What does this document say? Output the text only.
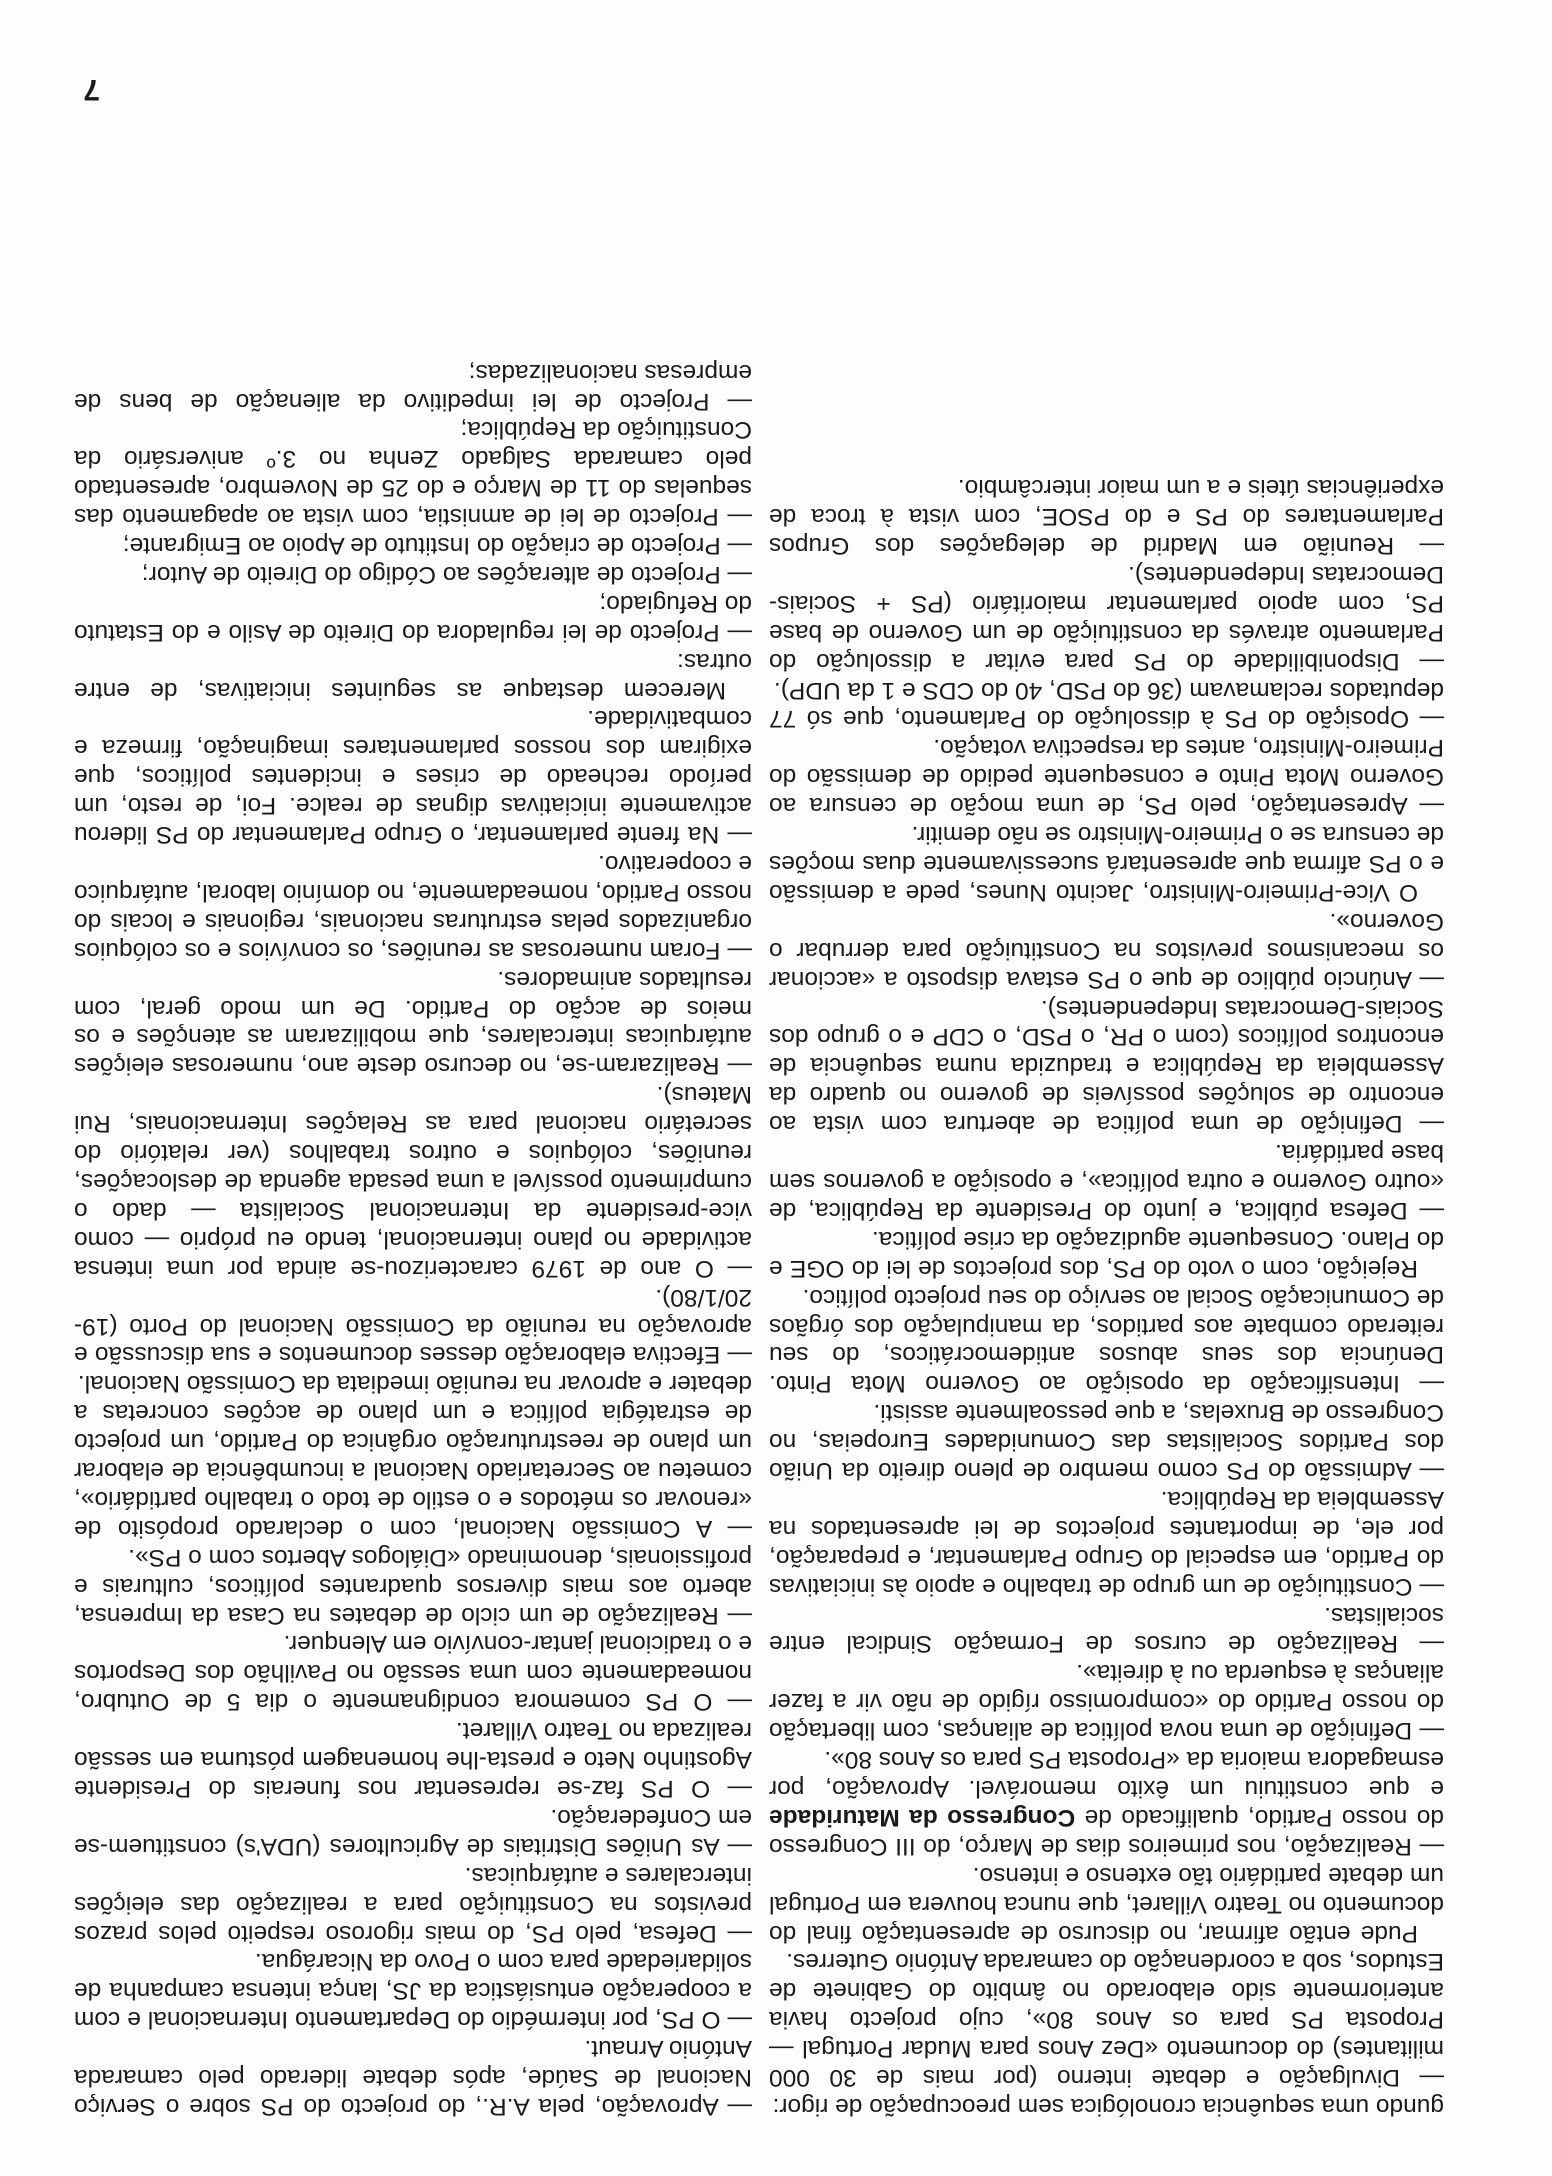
gundo uma sequência cronológica sem preocupação de rigor:

— Divulgação e debate interno (por mais de 30 000 militantes) do documento «Dez Anos para Mudar Portugal — Proposta PS para os Anos 80», cujo projecto havia anteriormente sido elaborado no âmbito do Gabinete de Estudos, sob a coordenação do camarada António Guterres.

Pude então afirmar, no discurso de apresentação final do documento no Teatro Villaret, que nunca houvera em Portugal um debate partidário tão extenso e intenso.

— Realização, nos primeiros dias de Março, do III Congresso do nosso Partido, qualificado de Congresso da Maturidade e que constituiu um êxito memorável. Aprovação, por esmagadora maioria da «Proposta PS para os Anos 80».

— Definição de uma nova política de alianças, com libertação do nosso Partido do «compromisso rígido de não vir a fazer alianças à esquerda ou à direita».

— Realização de cursos de Formação Sindical entre socialistas.

— Constituição de um grupo de trabalho e apoio às iniciativas do Partido, em especial do Grupo Parlamentar, e preparação, por ele, de importantes projectos de lei apresentados na Assembleia da República.

— Admissão do PS como membro de pleno direito da União dos Partidos Socialistas das Comunidades Europeias, no Congresso de Bruxelas, a que pessoalmente assisti.

— Intensificação da oposição ao Governo Mota Pinto. Denúncia dos seus abusos antidemocráticos, do seu reiterado combate aos partidos, da manipulação dos órgãos de Comunicação Social ao serviço do seu projecto político.

Rejeição, com o voto do PS, dos projectos de lei do OGE e do Plano. Consequente agudização da crise política.

— Defesa pública, e junto do Presidente da República, de «outro Governo e outra política», e oposição a governos sem base partidária.

— Definição de uma política de abertura com vista ao encontro de soluções possíveis de governo no quadro da Assembleia da República e traduzida numa sequência de encontros políticos (com o PR, o PSD, o CDP e o grupo dos Sociais-Democratas Independentes).

— Anúncio público de que o PS estava disposto a «accionar os mecanismos previstos na Constituição para derrubar o Governo».

O Vice-Primeiro-Ministro, Jacinto Nunes, pede a demissão e o PS afirma que apresentará sucessivamente duas moções de censura se o Primeiro-Ministro se não demitir.

— Apresentação, pelo PS, de uma moção de censura ao Governo Mota Pinto e consequente pedido de demissão do Primeiro-Ministro, antes da respectiva votação.

— Oposição do PS à dissolução do Parlamento, que só 77 deputados reclamavam (36 do PSD, 40 do CDS e 1 da UDP).

— Disponibilidade do PS para evitar a dissolução do Parlamento através da constituição de um Governo de base PS, com apoio parlamentar maioritário (PS + Sociais-Democratas Independentes).

— Reunião em Madrid de delegações dos Grupos Parlamentares do PS e do PSOE, com vista à troca de experiências úteis e a um maior intercâmbio.

— Aprovação, pela A.R., do projecto do PS sobre o Serviço Nacional de Saúde, após debate liderado pelo camarada António Arnaut.

— O PS, por intermédio do Departamento Internacional e com a cooperação entusiástica da JS, lança intensa campanha de solidariedade para com o Povo da Nicarágua.

— Defesa, pelo PS, do mais rigoroso respeito pelos prazos previstos na Constituição para a realização das eleições intercalares e autárquicas.

— As Uniões Distritais de Agricultores (UDA's) constituem-se em Confederação.

— O PS faz-se representar nos funerais do Presidente Agostinho Neto e presta-lhe homenagem póstuma em sessão realizada no Teatro Villaret.

— O PS comemora condignamente o dia 5 de Outubro, nomeadamente com uma sessão no Pavilhão dos Desportos e o tradicional jantar-convívio em Alenquer.

— Realização de um ciclo de debates na Casa da Imprensa, aberto aos mais diversos quadrantes políticos, culturais e profissionais, denominado «Diálogos Abertos com o PS».

— A Comissão Nacional, com o declarado propósito de «renovar os métodos e o estilo de todo o trabalho partidário», cometeu ao Secretariado Nacional a incumbência de elaborar um plano de reestruturação orgânica do Partido, um projecto de estratégia política e um plano de acções concretas a debater e aprovar na reunião imediata da Comissão Nacional.

— Efectiva elaboração desses documentos e sua discussão e aprovação na reunião da Comissão Nacional do Porto (19-20/1/80).

— O ano de 1979 caracterizou-se ainda por uma intensa actividade no plano internacional, tendo eu próprio — como vice-presidente da Internacional Socialista — dado o cumprimento possível a uma pesada agenda de deslocações, reuniões, colóquios e outros trabalhos (ver relatório do secretário nacional para as Relações Internacionais, Rui Mateus).

— Realizaram-se, no decurso deste ano, numerosas eleições autárquicas intercalares, que mobilizaram as atenções e os meios de acção do Partido. De um modo geral, com resultados animadores.

— Foram numerosas as reuniões, os convívios e os colóquios organizados pelas estruturas nacionais, regionais e locais do nosso Partido, nomeadamente, no domínio laboral, autárquico e cooperativo.

— Na frente parlamentar, o Grupo Parlamentar do PS liderou activamente iniciativas dignas de realce. Foi, de resto, um período recheado de crises e incidentes políticos, que exigiram dos nossos parlamentares imaginação, firmeza e combatividade.

Merecem destaque as seguintes iniciativas, de entre outras:

— Projecto de lei reguladora do Direito de Asilo e do Estatuto do Refugiado;

— Projecto de alterações ao Código do Direito de Autor;

— Projecto de criação do Instituto de Apoio ao Emigrante;

— Projecto de lei de amnistia, com vista ao apagamento das sequelas do 11 de Março e do 25 de Novembro, apresentado pelo camarada Salgado Zenha no 3.º aniversário da Constituição da República;

— Projecto de lei impeditivo da alienação de bens de empresas nacionalizadas;

7
